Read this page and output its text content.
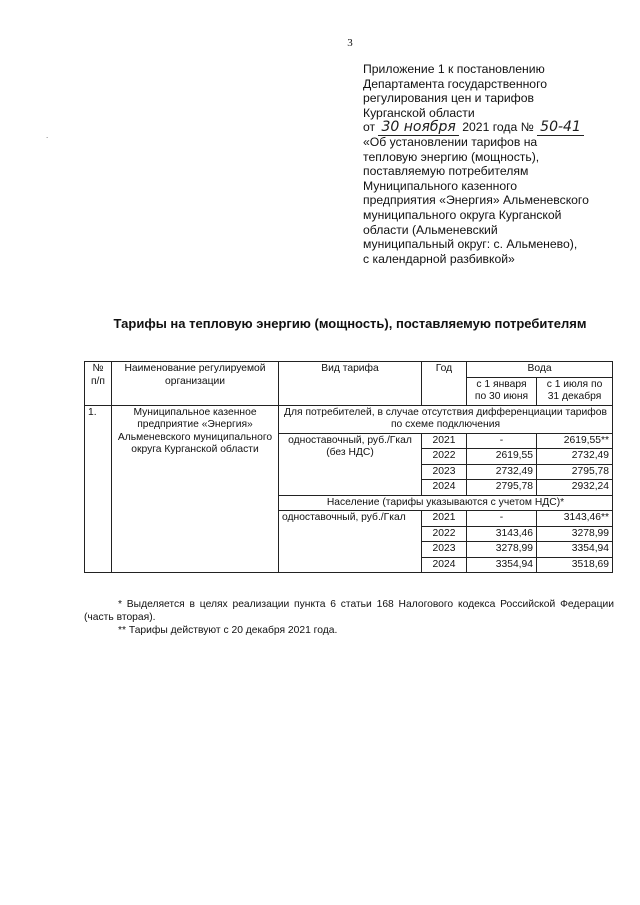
3
.
Приложение 1 к постановлению
Департамента государственного
регулирования цен и тарифов
Курганской области
от 30 ноября 2021 года № 50-41
«Об установлении тарифов на
тепловую энергию (мощность),
поставляемую потребителям
Муниципального казенного
предприятия «Энергия» Альменевского
муниципального округа Курганской
области (Альменевский
муниципальный округ: с. Альменево),
с календарной разбивкой»
Тарифы на тепловую энергию (мощность), поставляемую потребителям
№ п/п	Наименование регулируемой организации	Вид тарифа	Год	Вода	
				с 1 января по 30 июня	с 1 июля по 31 декабря
1.	Муниципальное казенное предприятие «Энергия» Альменевского муниципального округа Курганской области	Для потребителей, в случае отсутствия дифференциации тарифов по схеме подключения			
		одноставочный, руб./Гкал (без НДС)	2021	-	2619,55**
			2022	2619,55	2732,49
			2023	2732,49	2795,78
			2024	2795,78	2932,24
		Население (тарифы указываются с учетом НДС)*			
		одноставочный, руб./Гкал	2021	-	3143,46**
			2022	3143,46	3278,99
			2023	3278,99	3354,94
			2024	3354,94	3518,69
* Выделяется в целях реализации пункта 6 статьи 168 Налогового кодекса Российской Федерации (часть вторая).
** Тарифы действуют с 20 декабря 2021 года.
